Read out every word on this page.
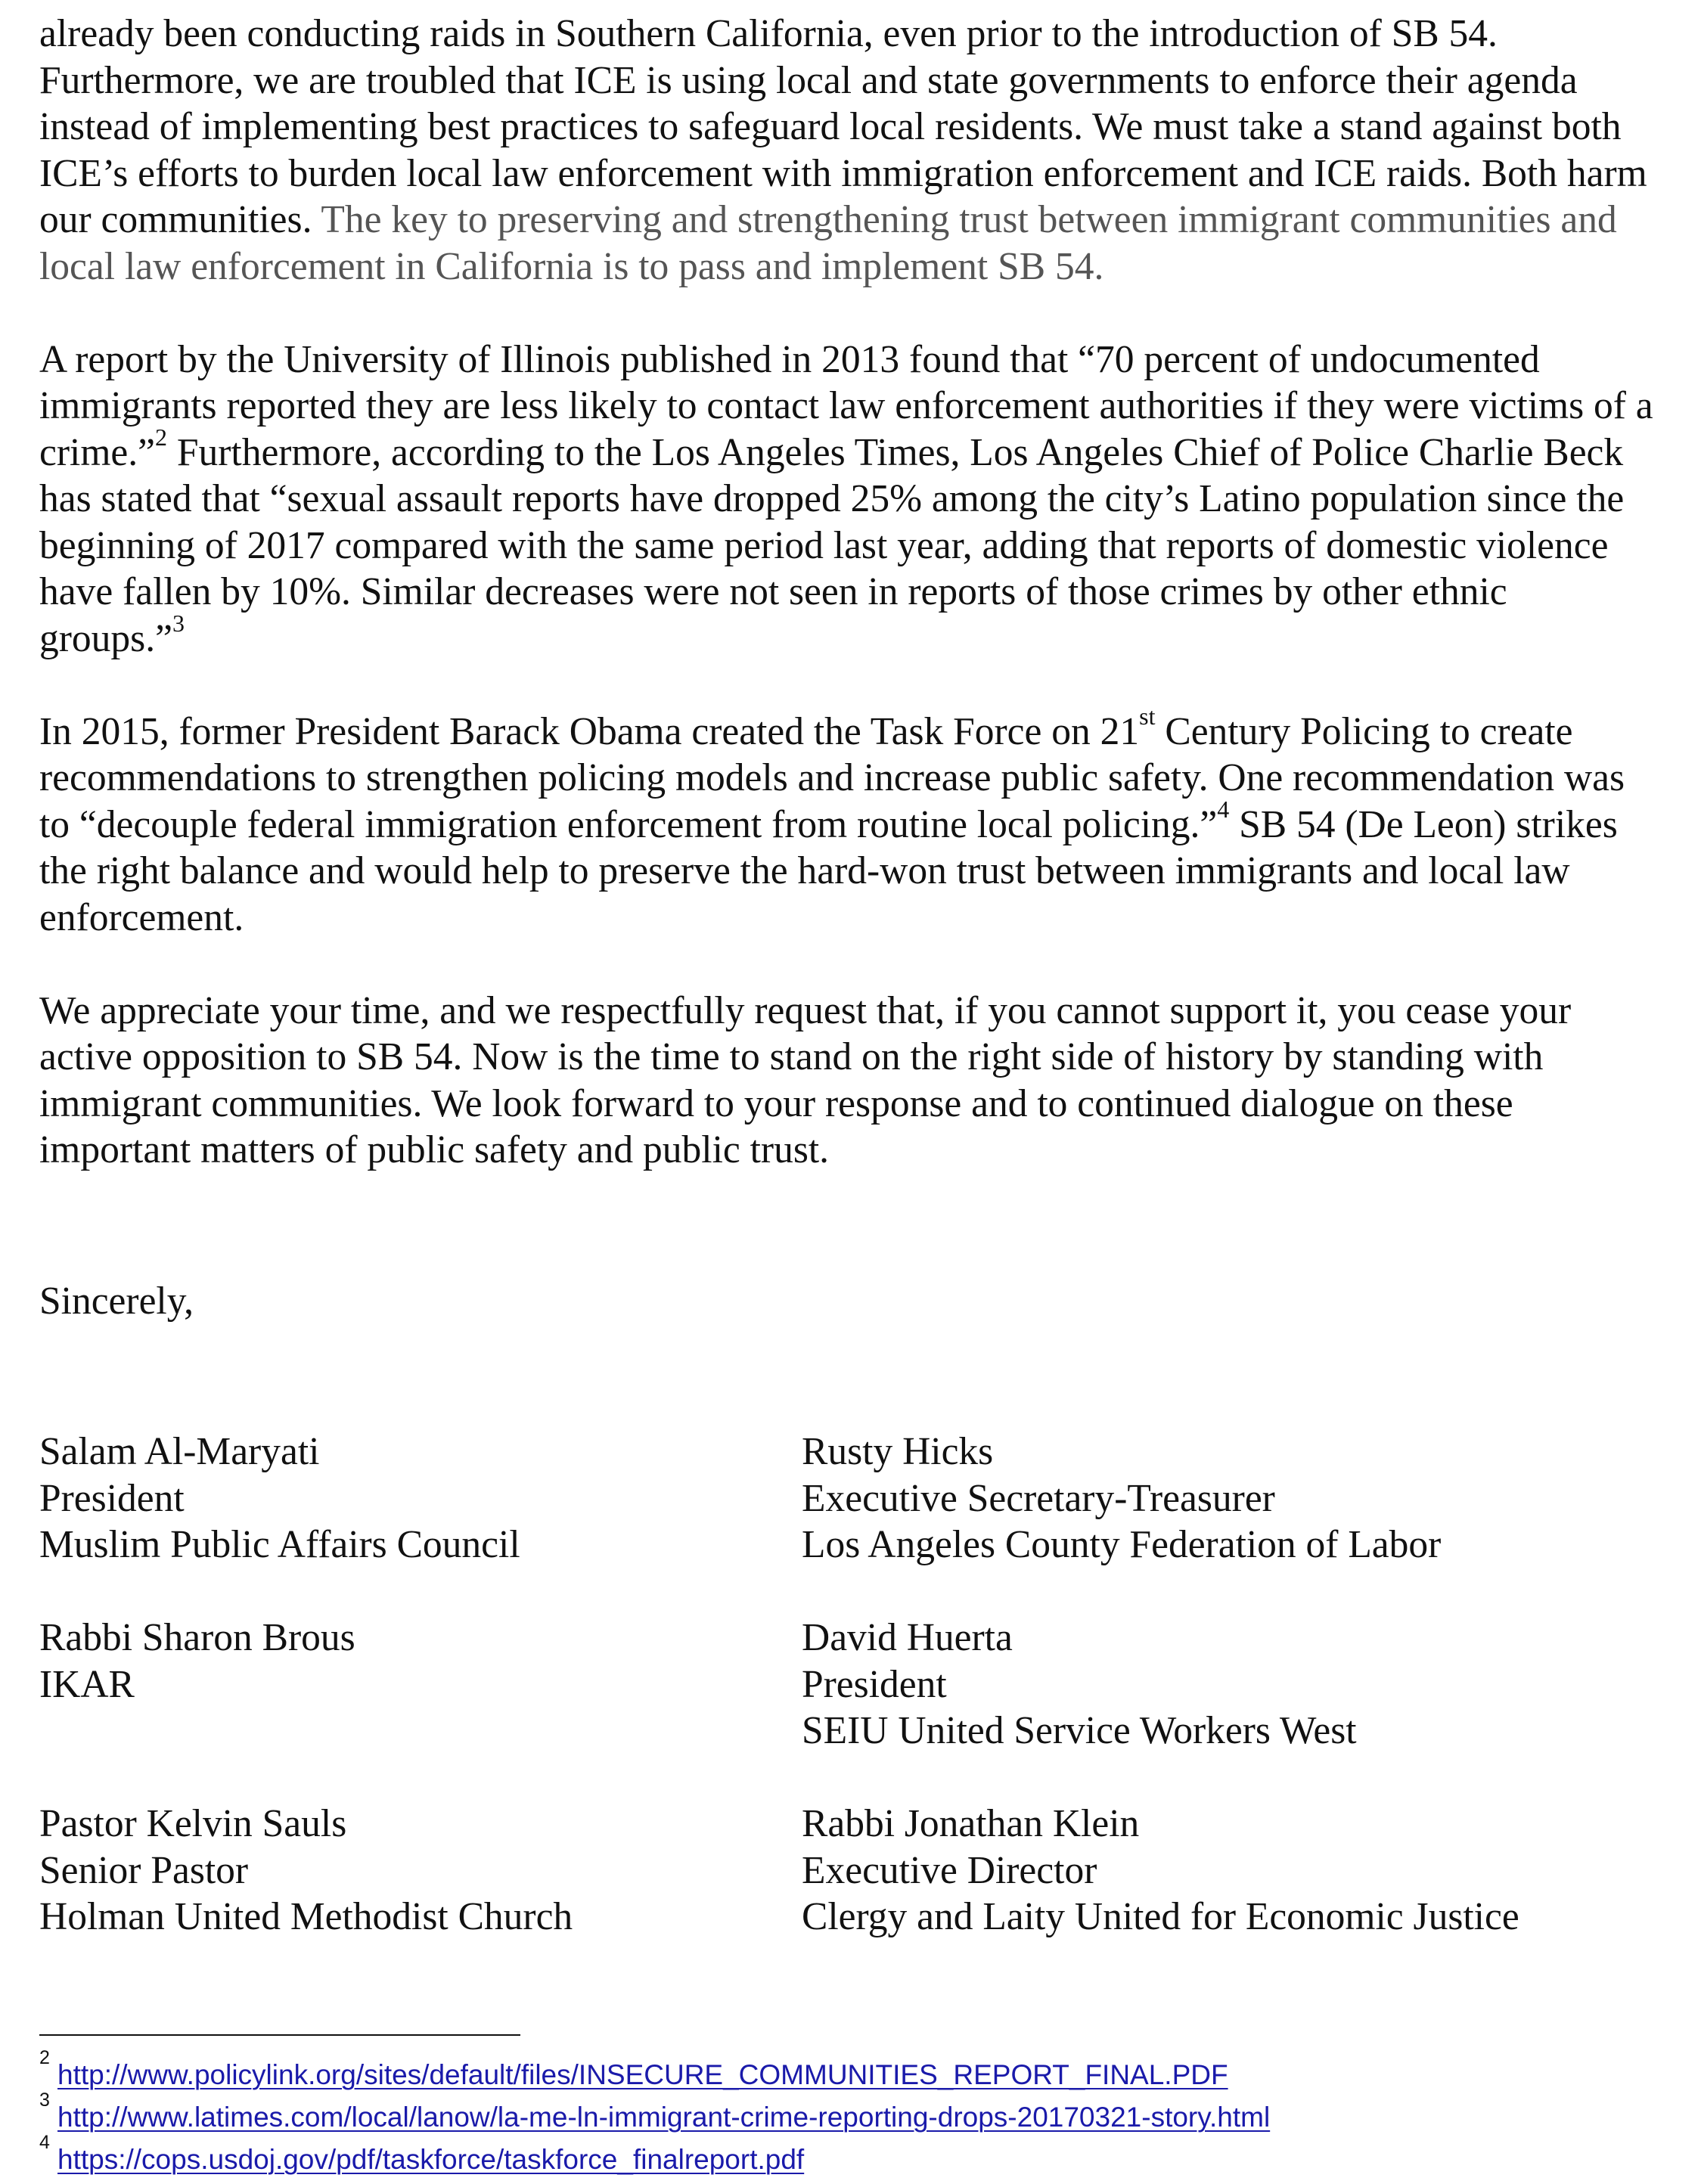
already been conducting raids in Southern California, even prior to the introduction of SB 54. Furthermore, we are troubled that ICE is using local and state governments to enforce their agenda instead of implementing best practices to safeguard local residents. We must take a stand against both ICE’s efforts to burden local law enforcement with immigration enforcement and ICE raids. Both harm our communities. The key to preserving and strengthening trust between immigrant communities and local law enforcement in California is to pass and implement SB 54.

A report by the University of Illinois published in 2013 found that “70 percent of undocumented immigrants reported they are less likely to contact law enforcement authorities if they were victims of a crime.”$^2$ Furthermore, according to the Los Angeles Times, Los Angeles Chief of Police Charlie Beck has stated that “sexual assault reports have dropped 25% among the city’s Latino population since the beginning of 2017 compared with the same period last year, adding that reports of domestic violence have fallen by 10%. Similar decreases were not seen in reports of those crimes by other ethnic groups.”$^3$

In 2015, former President Barack Obama created the Task Force on 21st Century Policing to create recommendations to strengthen policing models and increase public safety. One recommendation was to “decouple federal immigration enforcement from routine local policing.”$^4$ SB 54 (De Leon) strikes the right balance and would help to preserve the hard-won trust between immigrants and local law enforcement.

We appreciate your time, and we respectfully request that, if you cannot support it, you cease your active opposition to SB 54. Now is the time to stand on the right side of history by standing with immigrant communities. We look forward to your response and to continued dialogue on these important matters of public safety and public trust.

Sincerely,

Salam Al-Maryati
President
Muslim Public Affairs Council
Rusty Hicks
Executive Secretary-Treasurer
Los Angeles County Federation of Labor
Rabbi Sharon Brous
IKAR
David Huerta
President
SEIU United Service Workers West
Pastor Kelvin Sauls
Senior Pastor
Holman United Methodist Church
Rabbi Jonathan Klein
Executive Director
Clergy and Laity United for Economic Justice
2
http://www.policylink.org/sites/default/files/INSECURE_COMMUNITIES_REPORT_FINAL.PDF
3
http://www.latimes.com/local/lanow/la-me-ln-immigrant-crime-reporting-drops-20170321-story.html
4
https://cops.usdoj.gov/pdf/taskforce/taskforce_finalreport.pdf
